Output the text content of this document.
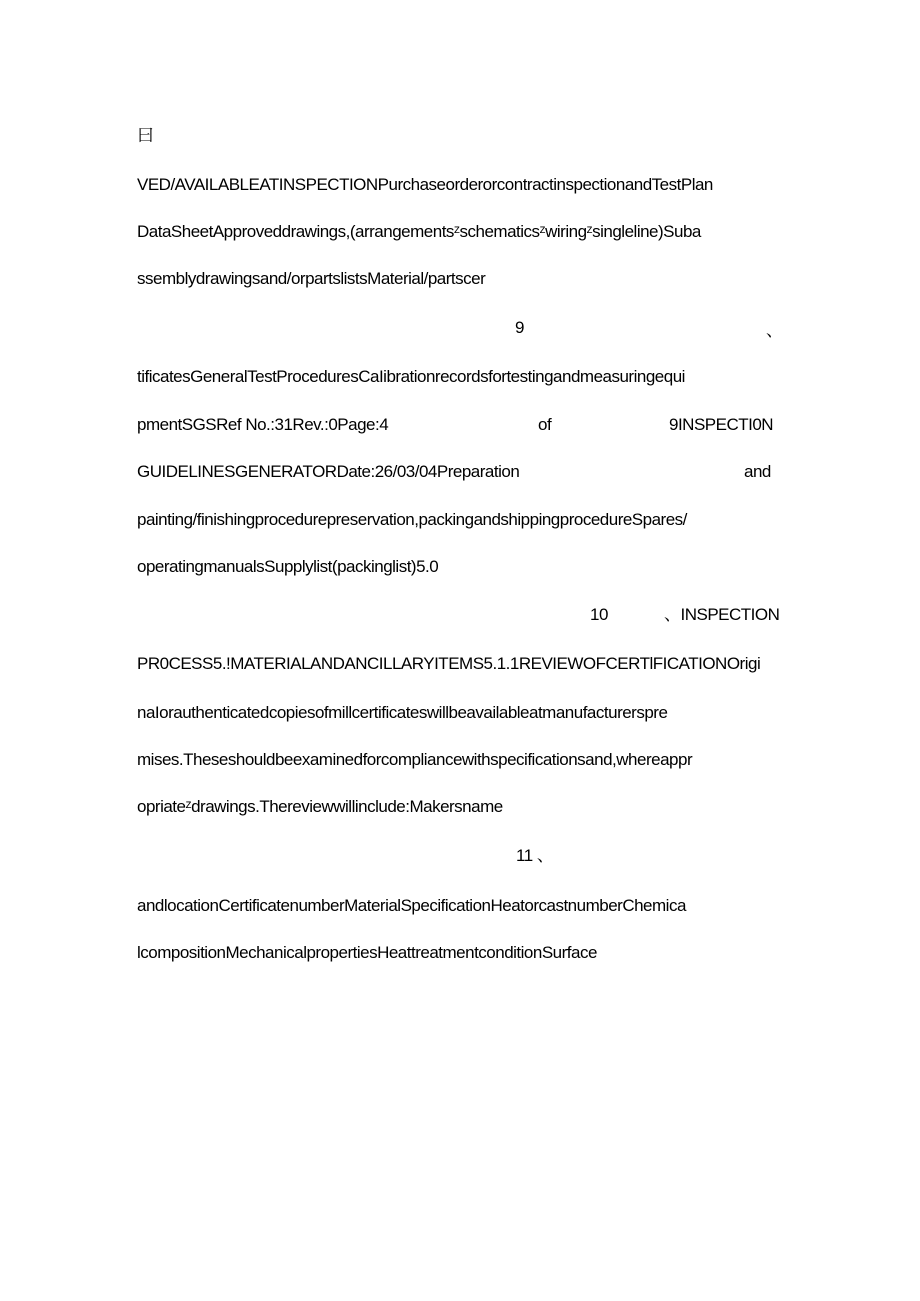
曰
VED/AVAILABLEATINSPECTIONPurchaseorderorcontractinspectionandTestPlan
DataSheetApproveddrawings,(arrangementsᶻschematicsᶻwiringᶻsingleline)Suba
ssemblydrawingsand/orpartslistsMaterial/partscer
9	、
tificatesGeneralTestProceduresCaIibrationrecordsfortestingandmeasuringequi
pmentSGSRef No.:31Rev.:0Page:4	of	9INSPECTI0N
GUIDELINESGENERATORDate:26/03/04Preparation	and
painting/finishingprocedurepreservation,packingandshippingprocedureSpares/
operatingmanualsSupplylist(packinglist)5.0
10	、INSPECTION
PR0CESS5.!MATERIALANDANCILLARYITEMS5.1.1REVIEWOFCERTlFICATIONOrigi
naIorauthenticatedcopiesofmillcertificateswillbeavailableatmanufacturerspre
mises.Theseshouldbeexaminedforcompliancewithspecificationsand,whereappr
opriateᶻdrawings.Thereviewwillinclude:Makersname
11 、
andlocationCertificatenumberMaterialSpecificationHeatorcastnumberChemica
lcompositionMechanicalpropertiesHeattreatmentconditionSurface
